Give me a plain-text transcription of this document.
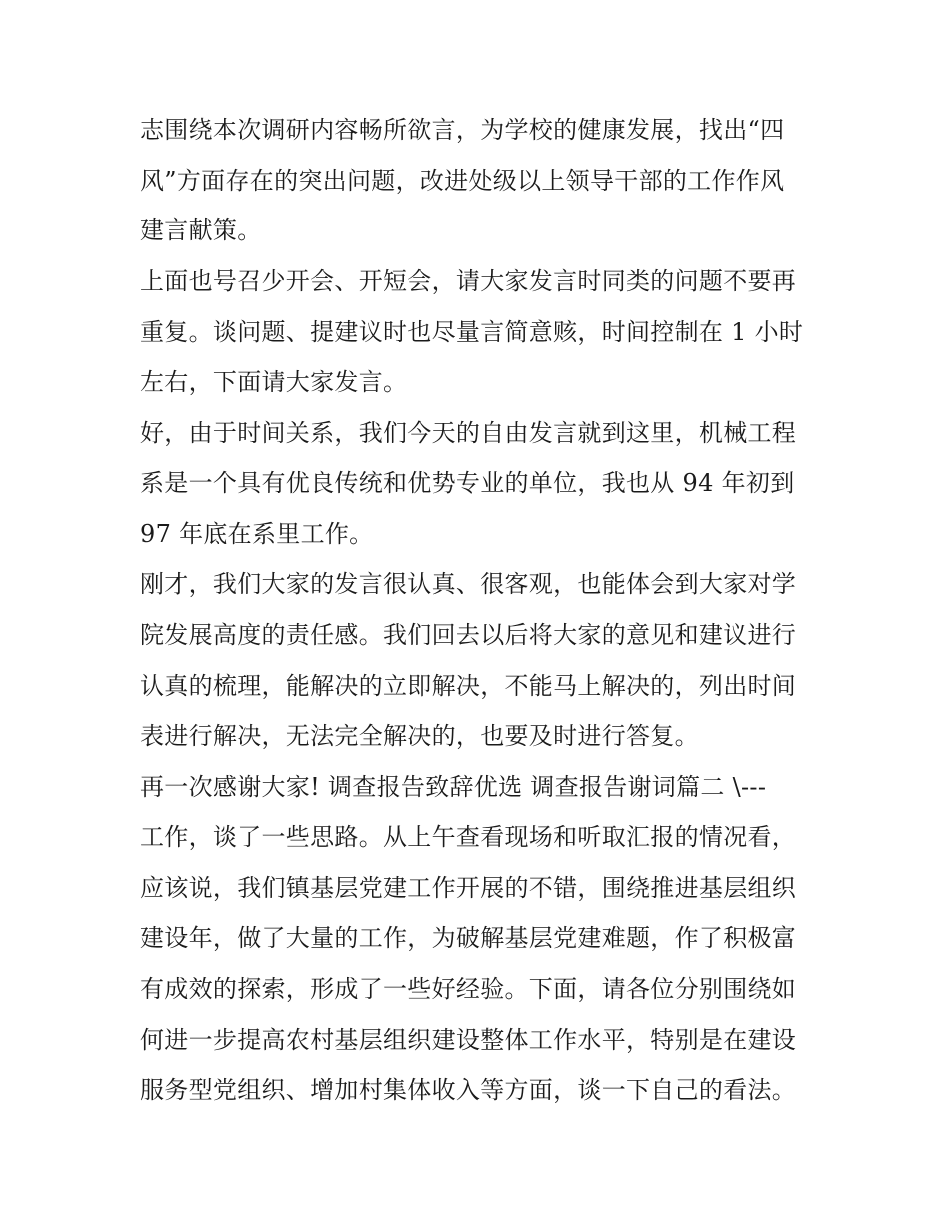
志围绕本次调研内容畅所欲言，为学校的健康发展，找出“四
风”方面存在的突出问题，改进处级以上领导干部的工作作风
建言献策。
上面也号召少开会、开短会，请大家发言时同类的问题不要再
重复。谈问题、提建议时也尽量言简意赅，时间控制在 1 小时
左右，下面请大家发言。
好，由于时间关系，我们今天的自由发言就到这里，机械工程
系是一个具有优良传统和优势专业的单位，我也从 94 年初到
97 年底在系里工作。
刚才，我们大家的发言很认真、很客观，也能体会到大家对学
院发展高度的责任感。我们回去以后将大家的意见和建议进行
认真的梳理，能解决的立即解决，不能马上解决的，列出时间
表进行解决，无法完全解决的，也要及时进行答复。
再一次感谢大家! 调查报告致辞优选 调查报告谢词篇二 \---
工作，谈了一些思路。从上午查看现场和听取汇报的情况看，
应该说，我们镇基层党建工作开展的不错，围绕推进基层组织
建设年，做了大量的工作，为破解基层党建难题，作了积极富
有成效的探索，形成了一些好经验。下面，请各位分别围绕如
何进一步提高农村基层组织建设整体工作水平，特别是在建设
服务型党组织、增加村集体收入等方面，谈一下自己的看法。
